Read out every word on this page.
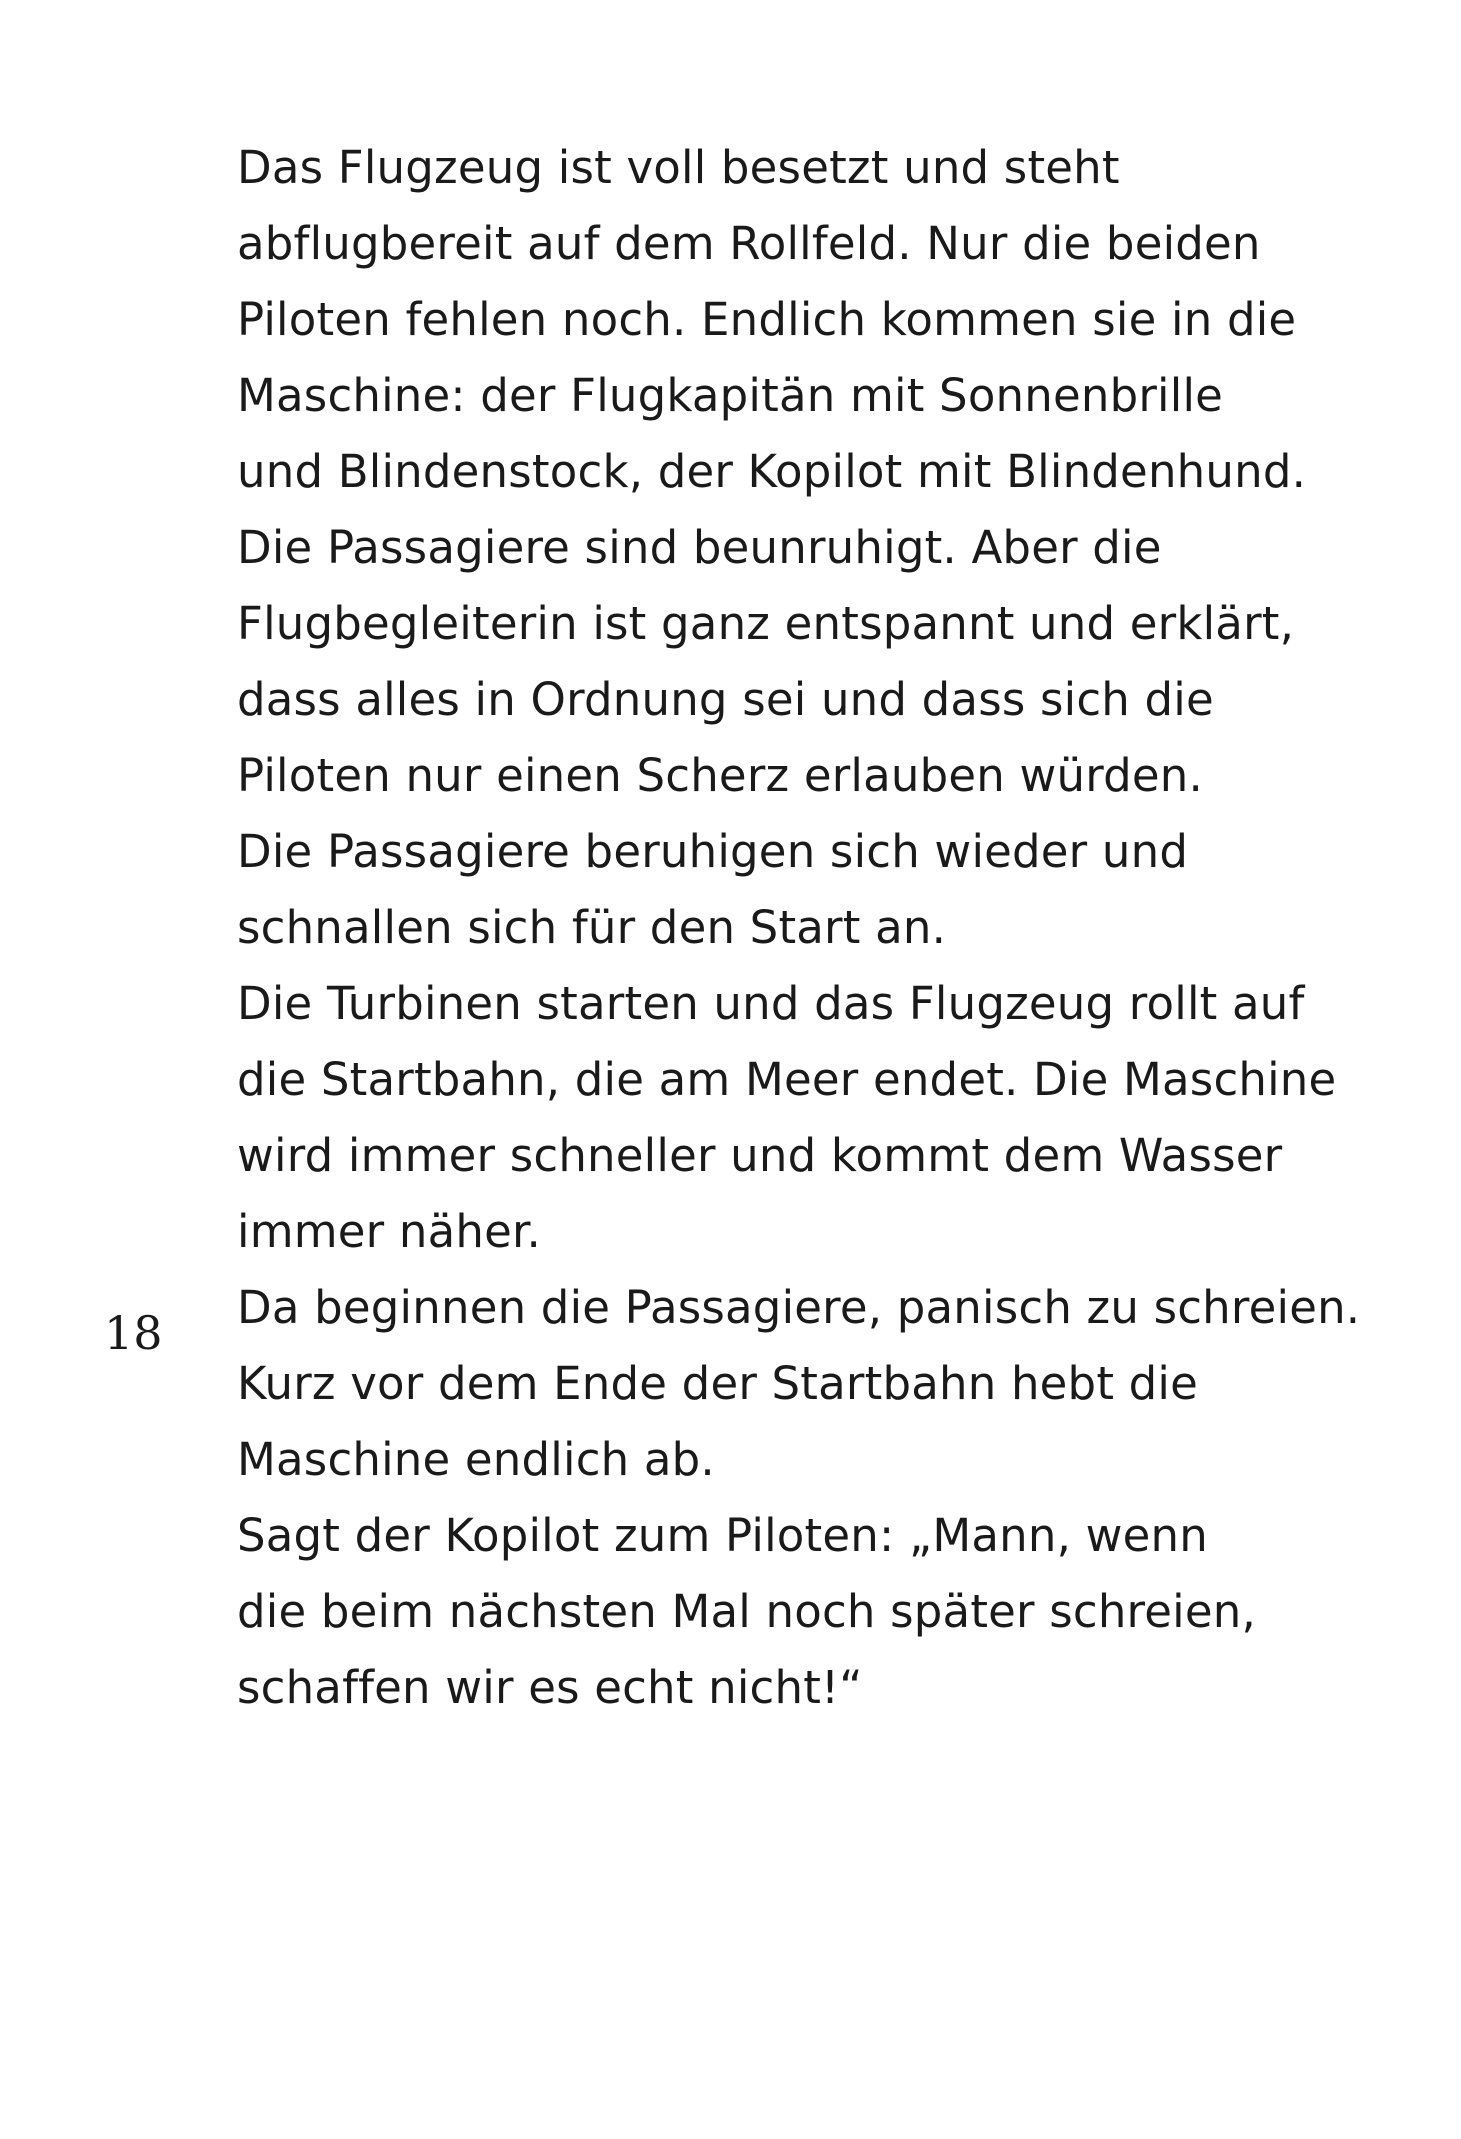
Das Flugzeug ist voll besetzt und steht
abflugbereit auf dem Rollfeld. Nur die beiden
Piloten fehlen noch. Endlich kommen sie in die
Maschine: der Flugkapitän mit Sonnenbrille
und Blindenstock, der Kopilot mit Blindenhund.
Die Passagiere sind beunruhigt. Aber die
Flugbegleiterin ist ganz entspannt und erklärt,
dass alles in Ordnung sei und dass sich die
Piloten nur einen Scherz erlauben würden.
Die Passagiere beruhigen sich wieder und
schnallen sich für den Start an.
Die Turbinen starten und das Flugzeug rollt auf
die Startbahn, die am Meer endet. Die Maschine
wird immer schneller und kommt dem Wasser
immer näher.
Da beginnen die Passagiere, panisch zu schreien.
Kurz vor dem Ende der Startbahn hebt die
Maschine endlich ab.
Sagt der Kopilot zum Piloten: „Mann, wenn
die beim nächsten Mal noch später schreien,
schaffen wir es echt nicht!“
18
